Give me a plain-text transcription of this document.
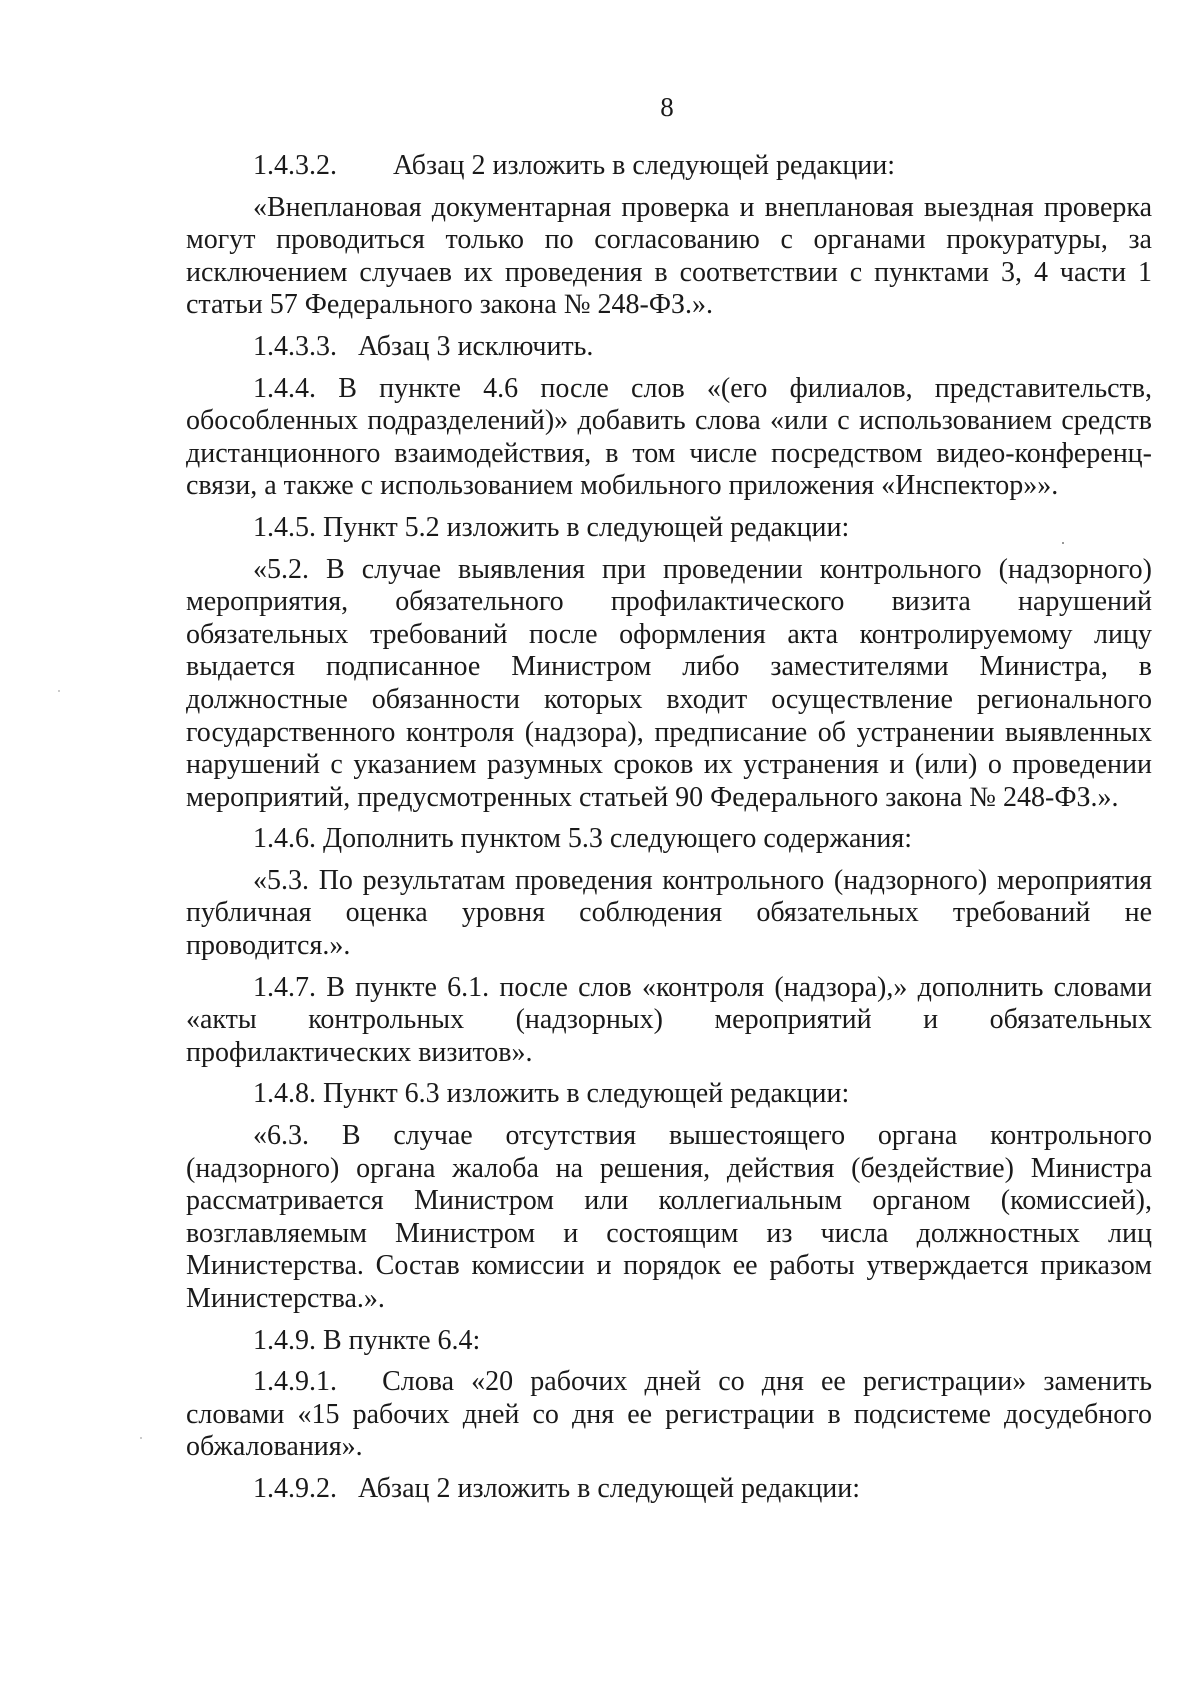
8

1.4.3.2.  Абзац 2 изложить в следующей редакции:

«Внеплановая документарная проверка и внеплановая выездная проверка могут проводиться только по согласованию с органами прокуратуры, за исключением случаев их проведения в соответствии с пунктами 3, 4 части 1 статьи 57 Федерального закона № 248-ФЗ.».

1.4.3.3.  Абзац 3 исключить.

1.4.4. В пункте 4.6 после слов «(его филиалов, представительств, обособленных подразделений)» добавить слова «или с использованием средств дистанционного взаимодействия, в том числе посредством видео-конференц-связи, а также с использованием мобильного приложения «Инспектор»».

1.4.5. Пункт 5.2 изложить в следующей редакции:

«5.2. В случае выявления при проведении контрольного (надзорного) мероприятия, обязательного профилактического визита нарушений обязательных требований после оформления акта контролируемому лицу выдается подписанное Министром либо заместителями Министра, в должностные обязанности которых входит осуществление регионального государственного контроля (надзора), предписание об устранении выявленных нарушений с указанием разумных сроков их устранения и (или) о проведении мероприятий, предусмотренных статьей 90 Федерального закона № 248-ФЗ.».

1.4.6. Дополнить пунктом 5.3 следующего содержания:

«5.3. По результатам проведения контрольного (надзорного) мероприятия публичная оценка уровня соблюдения обязательных требований не проводится.».

1.4.7. В пункте 6.1. после слов «контроля (надзора),» дополнить словами «акты контрольных (надзорных) мероприятий и обязательных профилактических визитов».

1.4.8. Пункт 6.3 изложить в следующей редакции:

«6.3. В случае отсутствия вышестоящего органа контрольного (надзорного) органа жалоба на решения, действия (бездействие) Министра рассматривается Министром или коллегиальным органом (комиссией), возглавляемым Министром и состоящим из числа должностных лиц Министерства. Состав комиссии и порядок ее работы утверждается приказом Министерства.».

1.4.9. В пункте 6.4:

1.4.9.1.  Слова «20 рабочих дней со дня ее регистрации» заменить словами «15 рабочих дней со дня ее регистрации в подсистеме досудебного обжалования».

1.4.9.2.  Абзац 2 изложить в следующей редакции:
